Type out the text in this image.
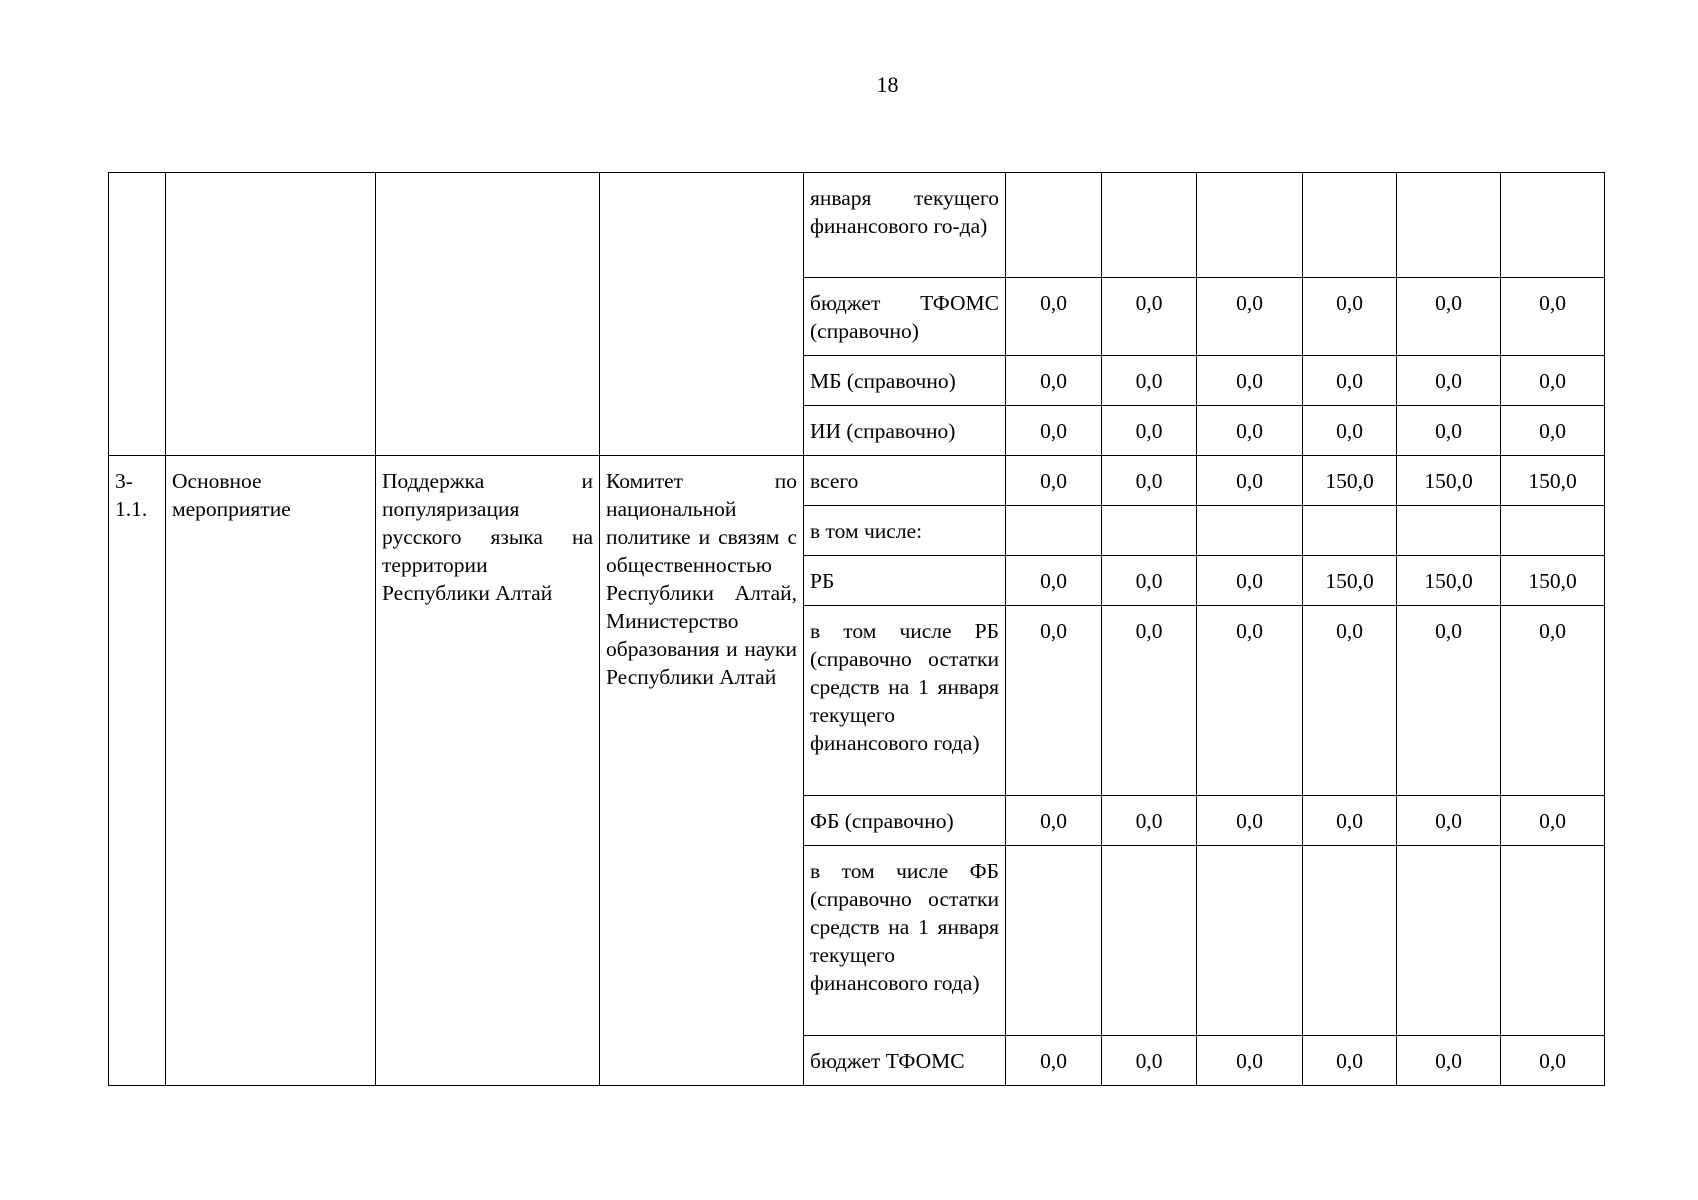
18
				января текущего финансового го-да)						
				бюджет ТФОМС (справочно)	0,0	0,0	0,0	0,0	0,0	0,0
				МБ (справочно)	0,0	0,0	0,0	0,0	0,0	0,0
				ИИ (справочно)	0,0	0,0	0,0	0,0	0,0	0,0
3-1.1.	Основное мероприятие	Поддержка и популяризация русского языка на территории Республики Алтай	Комитет по национальной политике и связям с общественностью Республики Алтай, Министерство образования и науки Республики Алтай	всего	0,0	0,0	0,0	150,0	150,0	150,0
				в том числе:						
				РБ	0,0	0,0	0,0	150,0	150,0	150,0
				в том числе РБ (справочно остатки средств на 1 января текущего финансового года)	0,0	0,0	0,0	0,0	0,0	0,0
				ФБ (справочно)	0,0	0,0	0,0	0,0	0,0	0,0
				в том числе ФБ (справочно остатки средств на 1 января текущего финансового года)						
				бюджет ТФОМС	0,0	0,0	0,0	0,0	0,0	0,0
